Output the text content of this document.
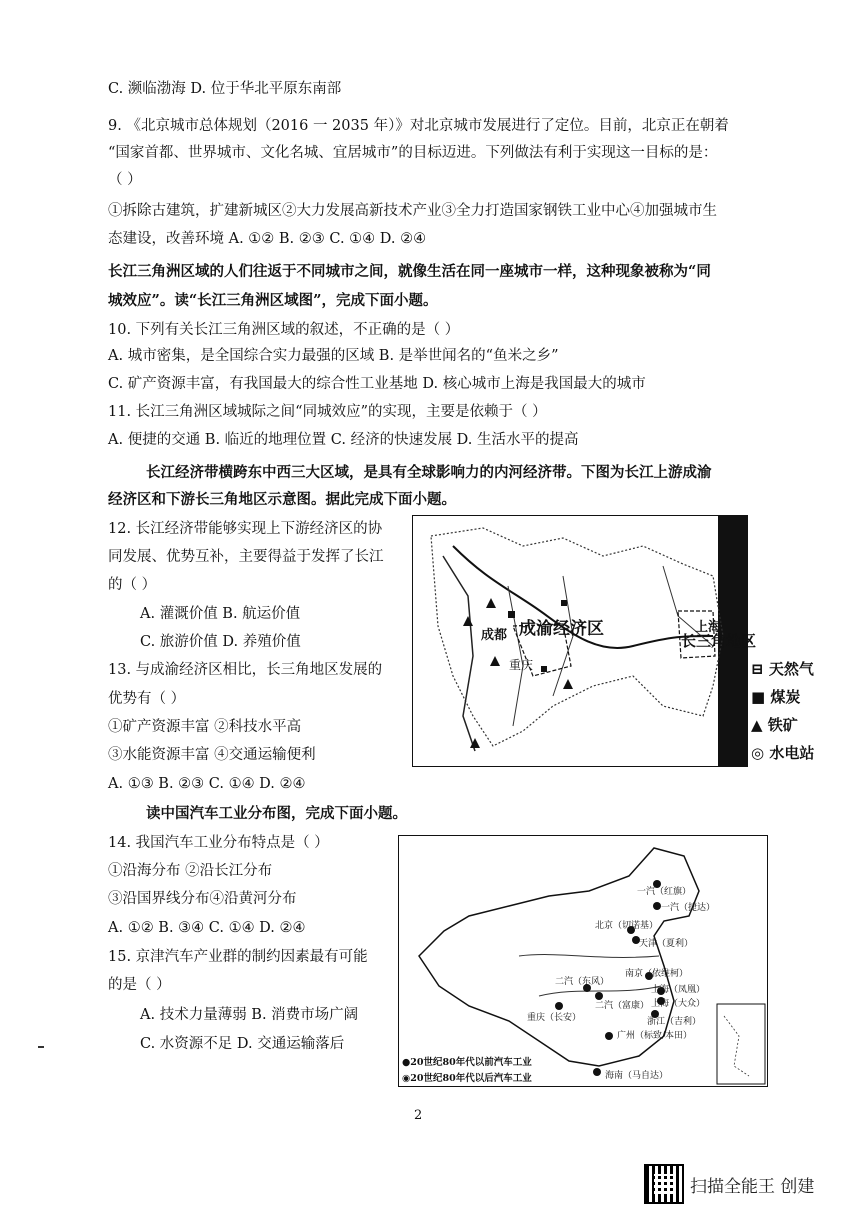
C. 濒临渤海 D. 位于华北平原东南部
9. 《北京城市总体规划（2016 一 2035 年）》对北京城市发展进行了定位。目前，北京正在朝着
“国家首都、世界城市、文化名城、宜居城市”的目标迈进。下列做法有利于实现这一目标的是：
（ ）
①拆除古建筑，扩建新城区②大力发展高新技术产业③全力打造国家钢铁工业中心④加强城市生
态建设，改善环境 A. ①② B. ②③ C. ①④ D. ②④
长江三角洲区域的人们往返于不同城市之间，就像生活在同一座城市一样，这种现象被称为“同
城效应”。读“长江三角洲区域图”，完成下面小题。
10. 下列有关长江三角洲区域的叙述，不正确的是（ ）
A. 城市密集，是全国综合实力最强的区域 B. 是举世闻名的“鱼米之乡”
C. 矿产资源丰富，有我国最大的综合性工业基地 D. 核心城市上海是我国最大的城市
11. 长江三角洲区域城际之间“同城效应”的实现，主要是依赖于（ ）
A. 便捷的交通 B. 临近的地理位置 C. 经济的快速发展 D. 生活水平的提高
长江经济带横跨东中西三大区域，是具有全球影响力的内河经济带。下图为长江上游成渝
经济区和下游长三角地区示意图。据此完成下面小题。
12. 长江经济带能够实现上下游经济区的协
同发展、优势互补，主要得益于发挥了长江
的（ ）
A. 灌溉价值 B. 航运价值
C. 旅游价值 D. 养殖价值
13. 与成渝经济区相比，长三角地区发展的
优势有（ ）
①矿产资源丰富 ②科技水平高
③水能资源丰富 ④交通运输便利
A. ①③ B. ②③ C. ①④ D. ②④
读中国汽车工业分布图，完成下面小题。
14. 我国汽车工业分布特点是（ ）
①沿海分布 ②沿长江分布
③沿国界线分布④沿黄河分布
A. ①② B. ③④ C. ①④ D. ②④
15. 京津汽车产业群的制约因素最有可能
的是（ ）
A. 技术力量薄弱 B. 消费市场广阔
C. 水资源不足 D. 交通运输落后
成都 成渝经济区
重庆
上海
长三角地区
⊟ 天然气
■ 煤炭
▲ 铁矿
◎ 水电站
一汽（红旗）
一汽（捷达）
北京（切诺基）
天津（夏利）
二汽（东风）
南京（依维柯）
上海（凤凰）
上海（大众）
二汽（富康）
重庆（长安）	浙江（吉利）
广州（标致/本田）
海南（马自达）
●20世纪80年代以前汽车工业
◉20世纪80年代以后汽车工业
2
扫描全能王 创建
